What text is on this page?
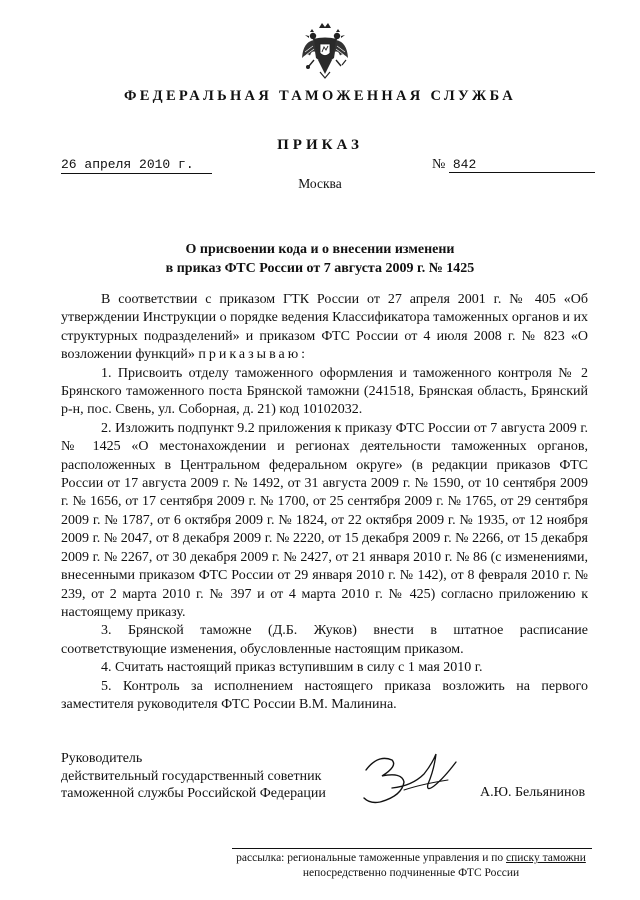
ФЕДЕРАЛЬНАЯ ТАМОЖЕННАЯ СЛУЖБА
ПРИКАЗ
26 апреля 2010 г.	№ 842
Москва
О присвоении кода и о внесении изменени
в приказ ФТС России от 7 августа 2009 г. № 1425

В соответствии с приказом ГТК России от 27 апреля 2001 г. № 405 «Об утверждении Инструкции о порядке ведения Классификатора таможенных органов и их структурных подразделений» и приказом ФТС России от 4 июля 2008 г. № 823 «О возложении функций» приказываю:

1. Присвоить отделу таможенного оформления и таможенного контроля № 2 Брянского таможенного поста Брянской таможни (241518, Брянская область, Брянский р-н, пос. Свень, ул. Соборная, д. 21) код 10102032.

2. Изложить подпункт 9.2 приложения к приказу ФТС России от 7 августа 2009 г. № 1425 «О местонахождении и регионах деятельности таможенных органов, расположенных в Центральном федеральном округе» (в редакции приказов ФТС России от 17 августа 2009 г. № 1492, от 31 августа 2009 г. № 1590, от 10 сентября 2009 г. № 1656, от 17 сентября 2009 г. № 1700, от 25 сентября 2009 г. № 1765, от 29 сентября 2009 г. № 1787, от 6 октября 2009 г. № 1824, от 22 октября 2009 г. № 1935, от 12 ноября 2009 г. № 2047, от 8 декабря 2009 г. № 2220, от 15 декабря 2009 г. № 2266, от 15 декабря 2009 г. № 2267, от 30 декабря 2009 г. № 2427, от 21 января 2010 г. № 86 (с изменениями, внесенными приказом ФТС России от 29 января 2010 г. № 142), от 8 февраля 2010 г. № 239, от 2 марта 2010 г. № 397 и от 4 марта 2010 г. № 425) согласно приложению к настоящему приказу.

3. Брянской таможне (Д.Б. Жуков) внести в штатное расписание соответствующие изменения, обусловленные настоящим приказом.

4. Считать настоящий приказ вступившим в силу с 1 мая 2010 г.

5. Контроль за исполнением настоящего приказа возложить на первого заместителя руководителя ФТС России В.М. Малинина.

Руководитель
действительный государственный советник
таможенной службы Российской Федерации	А.Ю. Бельянинов
рассылка: региональные таможенные управления и по списку таможни
непосредственно подчиненные ФТС России
